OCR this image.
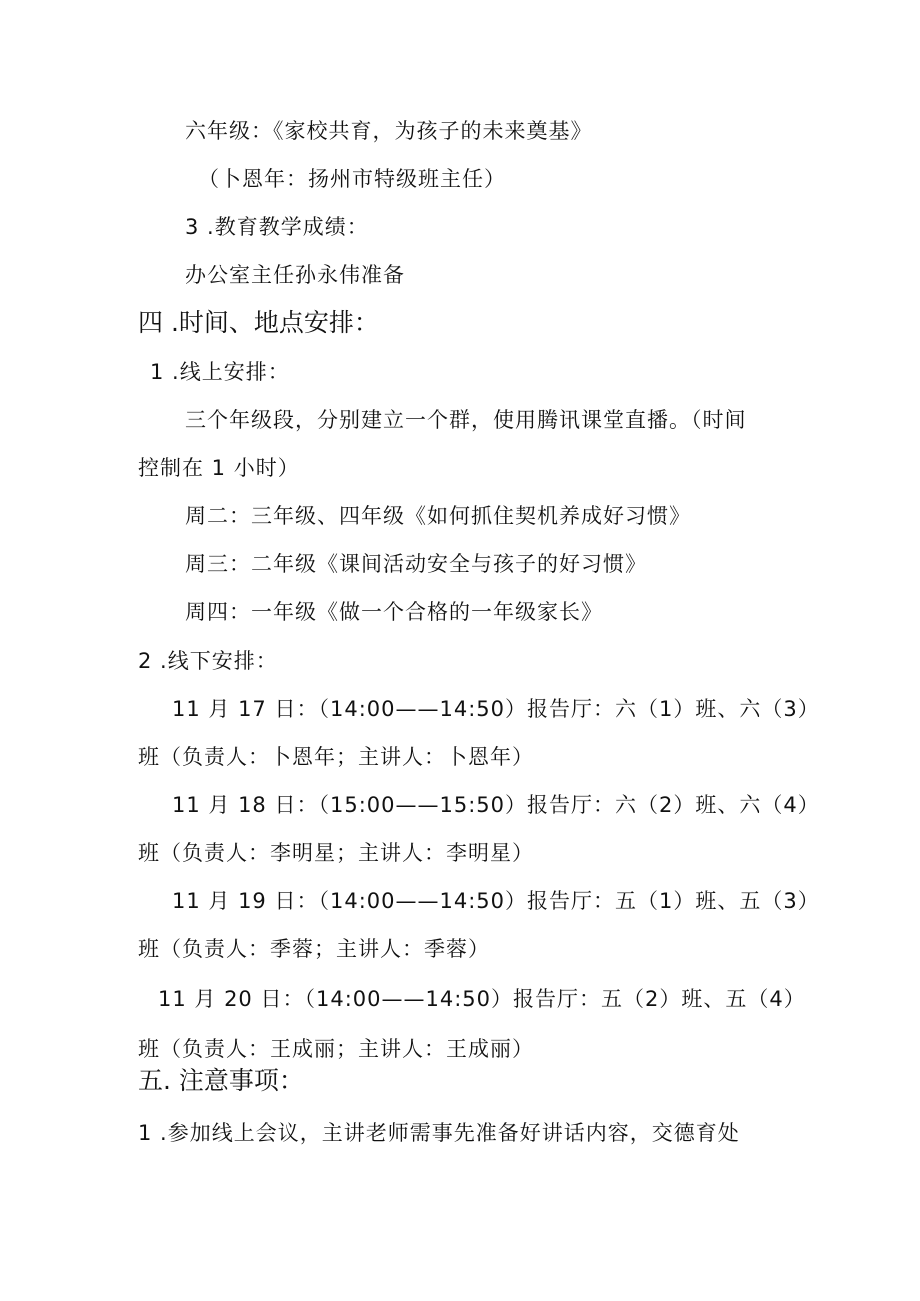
六年级：《家校共育，为孩子的未来奠基》
（卜恩年：扬州市特级班主任）
3 .教育教学成绩：
办公室主任孙永伟准备
四 .时间、地点安排：
1 .线上安排：
三个年级段，分别建立一个群，使用腾讯课堂直播。（时间
控制在 1 小时）
周二：三年级、四年级《如何抓住契机养成好习惯》
周三：二年级《课间活动安全与孩子的好习惯》
周四：一年级《做一个合格的一年级家长》
2 .线下安排：
11 月 17 日：（14:00——14:50）报告厅：六（1）班、六（3）
班（负责人：卜恩年；主讲人：卜恩年）
11 月 18 日：（15:00——15:50）报告厅：六（2）班、六（4）
班（负责人：李明星；主讲人：李明星）
11 月 19 日：（14:00——14:50）报告厅：五（1）班、五（3）
班（负责人：季蓉；主讲人：季蓉）
11 月 20 日：（14:00——14:50）报告厅：五（2）班、五（4）
班（负责人：王成丽；主讲人：王成丽）
五. 注意事项：
1 .参加线上会议，主讲老师需事先准备好讲话内容，交德育处
